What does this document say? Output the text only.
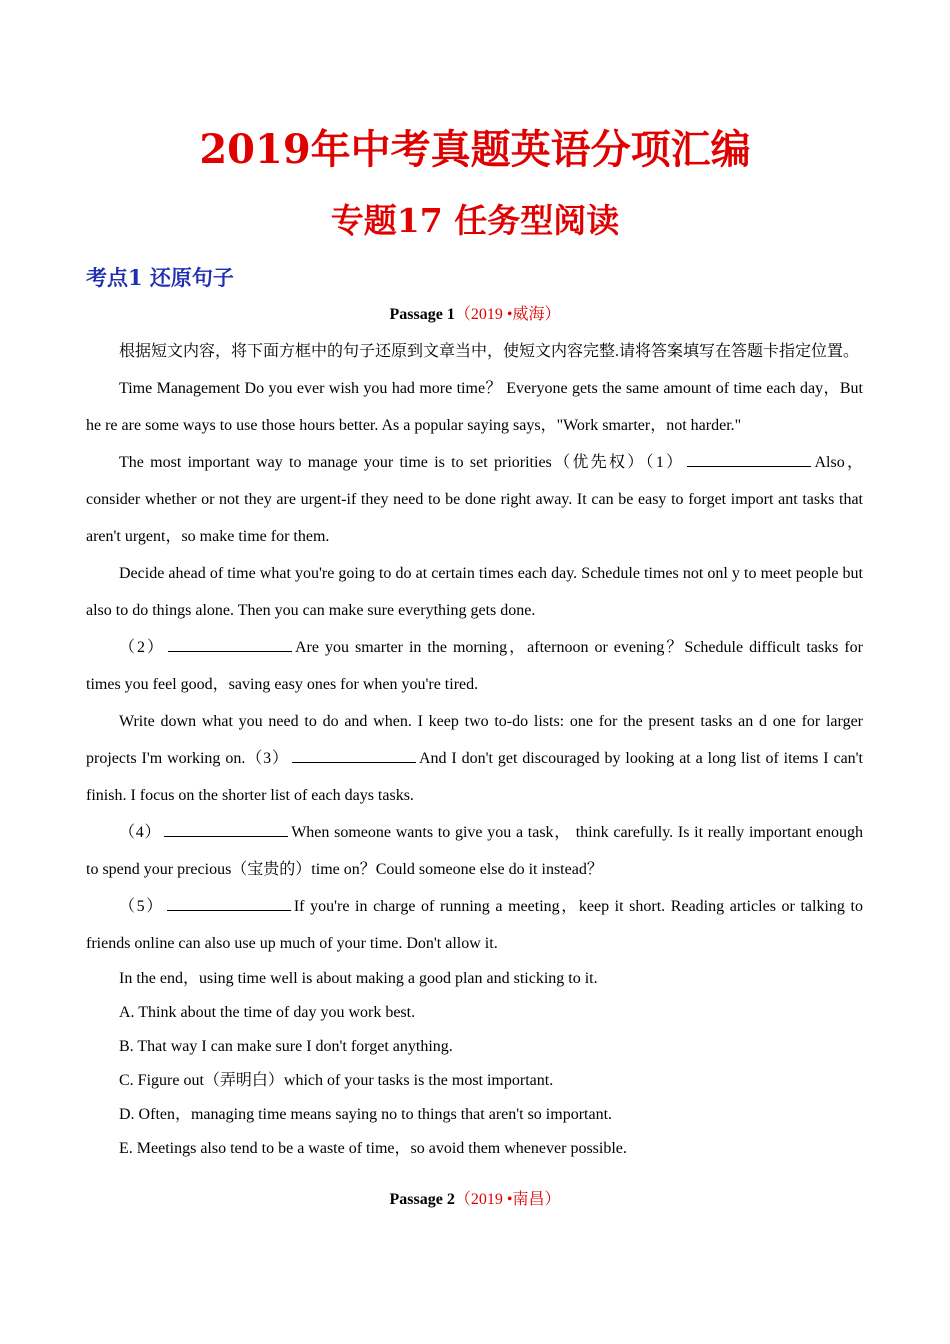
2019年中考真题英语分项汇编
专题17 任务型阅读
考点1 还原句子
Passage 1（2019 •威海）

根据短文内容，将下面方框中的句子还原到文章当中，使短文内容完整.请将答案填写在答题卡指定位置。

Time Management Do you ever wish you had more time？ Everyone gets the same amount of time each day，But he re are some ways to use those hours better. As a popular saying says，"Work smarter，not harder."

The most important way to manage your time is to set priorities（优先权）（1）	Also，consider whether or not they are urgent-if they need to be done right away. It can be easy to forget import ant tasks that aren't urgent，so make time for them.

Decide ahead of time what you're going to do at certain times each day. Schedule times not onl y to meet people but also to do things alone. Then you can make sure everything gets done.

（2）	Are you smarter in the morning，afternoon or evening？Schedule difficult tasks for times you feel good，saving easy ones for when you're tired.

Write down what you need to do and when. I keep two to-do lists: one for the present tasks an d one for larger projects I'm working on.（3）	And I don't get discouraged by looking at a long list of items I can't finish. I focus on the shorter list of each days tasks.

（4）	When someone wants to give you a task， think carefully. Is it really important enough to spend your precious（宝贵的）time on？Could someone else do it instead？

（5）	If you're in charge of running a meeting，keep it short. Reading articles or talking to friends online can also use up much of your time. Don't allow it.

In the end，using time well is about making a good plan and sticking to it.

A. Think about the time of day you work best.

B. That way I can make sure I don't forget anything.

C. Figure out（弄明白）which of your tasks is the most important.

D. Often，managing time means saying no to things that aren't so important.

E. Meetings also tend to be a waste of time，so avoid them whenever possible.

Passage 2（2019 •南昌）
